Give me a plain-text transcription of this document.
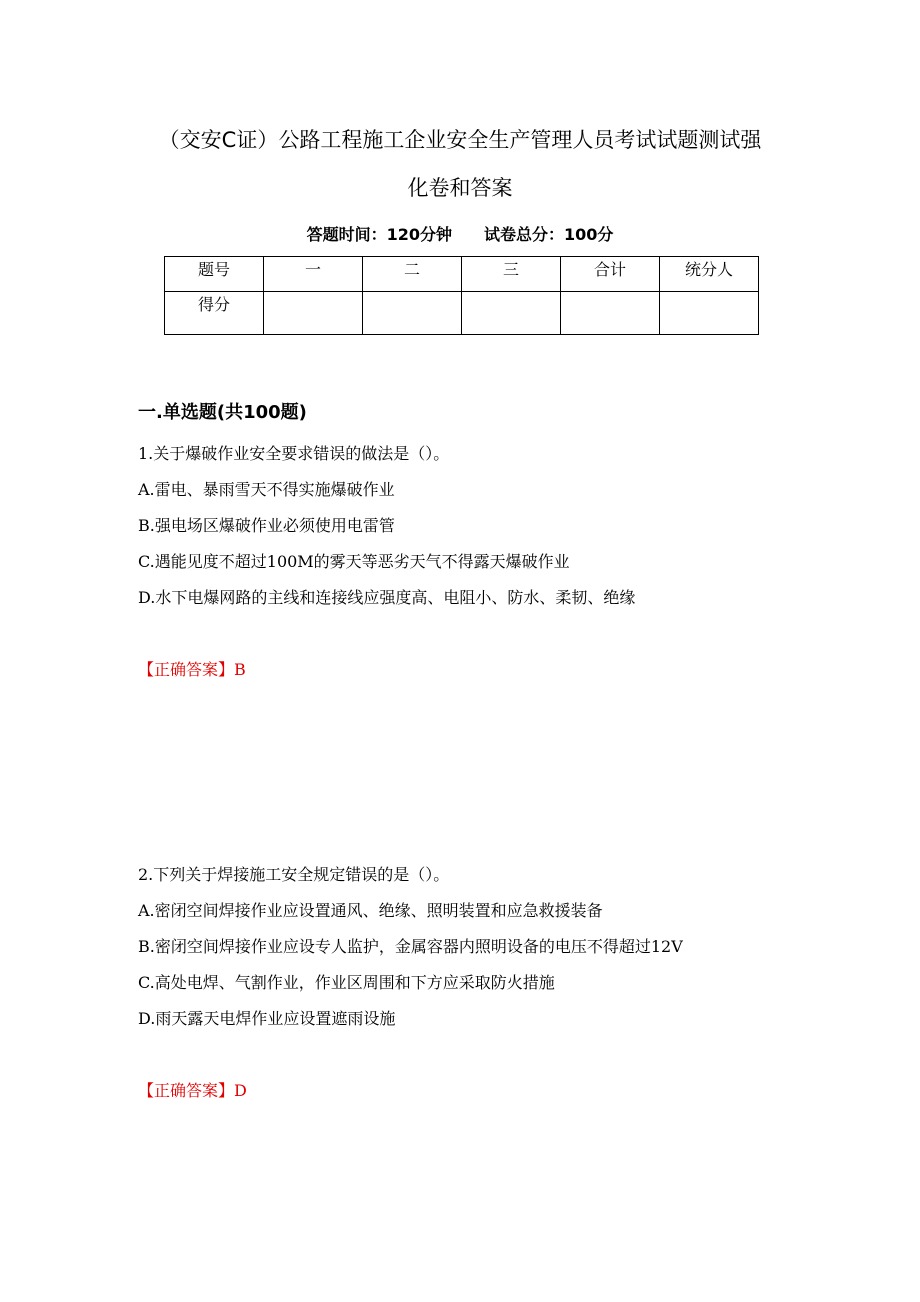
（交安C证）公路工程施工企业安全生产管理人员考试试题测试强
化卷和答案
答题时间：120分钟　　试卷总分：100分
题号	一	二	三	合计	统分人
得分					
一.单选题(共100题)
1.关于爆破作业安全要求错误的做法是（）。
A.雷电、暴雨雪天不得实施爆破作业
B.强电场区爆破作业必须使用电雷管
C.遇能见度不超过100M的雾天等恶劣天气不得露天爆破作业
D.水下电爆网路的主线和连接线应强度高、电阻小、防水、柔韧、绝缘
【正确答案】B
2.下列关于焊接施工安全规定错误的是（）。
A.密闭空间焊接作业应设置通风、绝缘、照明装置和应急救援装备
B.密闭空间焊接作业应设专人监护，金属容器内照明设备的电压不得超过12V
C.高处电焊、气割作业，作业区周围和下方应采取防火措施
D.雨天露天电焊作业应设置遮雨设施
【正确答案】D
